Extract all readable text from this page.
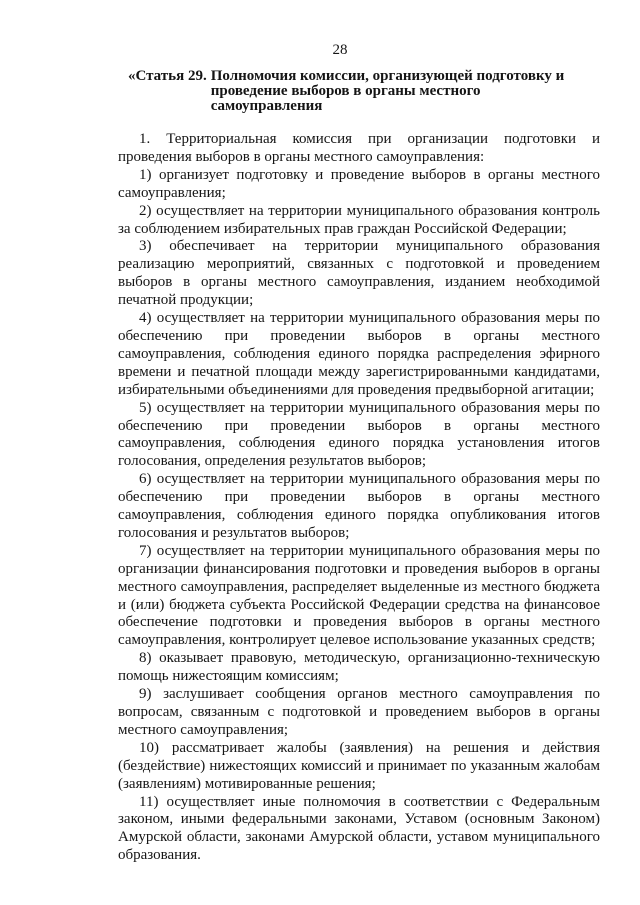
28
«Статья 29. Полномочия комиссии, организующей подготовку и проведение выборов в органы местного самоуправления

1. Территориальная комиссия при организации подготовки и проведения выборов в органы местного самоуправления:

1) организует подготовку и проведение выборов в органы местного самоуправления;

2) осуществляет на территории муниципального образования контроль за соблюдением избирательных прав граждан Российской Федерации;

3) обеспечивает на территории муниципального образования реализацию мероприятий, связанных с подготовкой и проведением выборов в органы местного самоуправления, изданием необходимой печатной продукции;

4) осуществляет на территории муниципального образования меры по обеспечению при проведении выборов в органы местного самоуправления, соблюдения единого порядка распределения эфирного времени и печатной площади между зарегистрированными кандидатами, избирательными объединениями для проведения предвыборной агитации;

5) осуществляет на территории муниципального образования меры по обеспечению при проведении выборов в органы местного самоуправления, соблюдения единого порядка установления итогов голосования, определения результатов выборов;

6) осуществляет на территории муниципального образования меры по обеспечению при проведении выборов в органы местного самоуправления, соблюдения единого порядка опубликования итогов голосования и результатов выборов;

7) осуществляет на территории муниципального образования меры по организации финансирования подготовки и проведения выборов в органы местного самоуправления, распределяет выделенные из местного бюджета и (или) бюджета субъекта Российской Федерации средства на финансовое обеспечение подготовки и проведения выборов в органы местного самоуправления, контролирует целевое использование указанных средств;

8) оказывает правовую, методическую, организационно-техническую помощь нижестоящим комиссиям;

9) заслушивает сообщения органов местного самоуправления по вопросам, связанным с подготовкой и проведением выборов в органы местного самоуправления;

10) рассматривает жалобы (заявления) на решения и действия (бездействие) нижестоящих комиссий и принимает по указанным жалобам (заявлениям) мотивированные решения;

11) осуществляет иные полномочия в соответствии с Федеральным законом, иными федеральными законами, Уставом (основным Законом) Амурской области, законами Амурской области, уставом муниципального образования.
